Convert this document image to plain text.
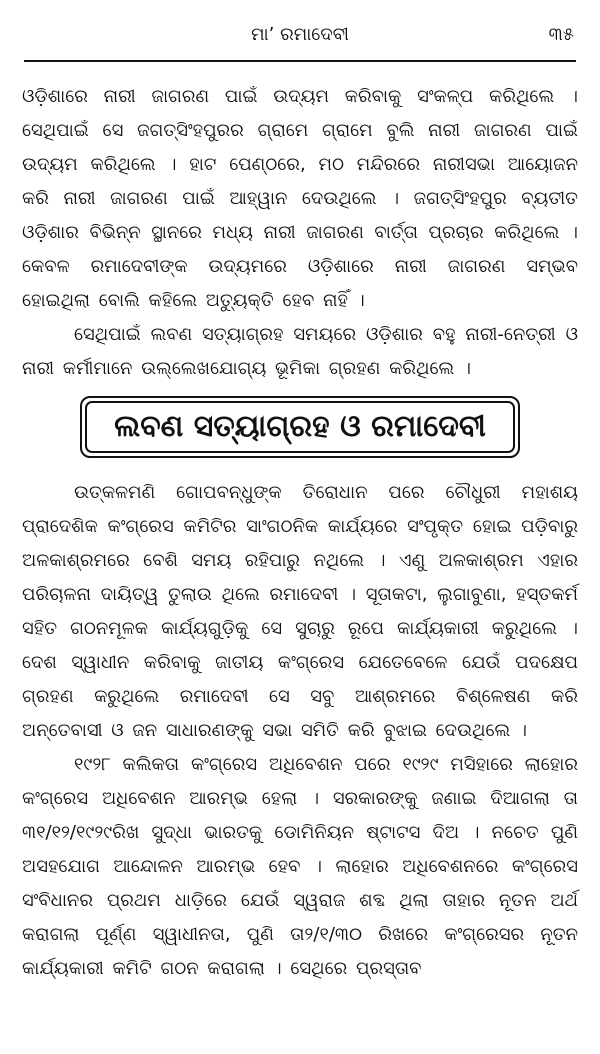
ମା’ ରମାଦେବୀ	୩୫

ଓଡ଼ିଶାରେ ନାରୀ ଜାଗରଣ ପାଇଁ ଉଦ୍ୟମ କରିବାକୁ ସଂକଳ୍ପ କରିଥିଲେ । ସେଥିପାଇଁ ସେ ଜଗତ୍‌ସିଂହପୁରର ଗ୍ରାମେ ଗ୍ରାମେ ବୁଲି ନାରୀ ଜାଗରଣ ପାଇଁ ଉଦ୍ୟମ କରିଥିଲେ । ହାଟ ପେଣ୍ଠରେ, ମଠ ମନ୍ଦିରରେ ନାରୀସଭା ଆୟୋଜନ କରି ନାରୀ ଜାଗରଣ ପାଇଁ ଆହ୍ୱାନ ଦେଉଥିଲେ । ଜଗତ୍‌ସିଂହପୁର ବ୍ୟତୀତ ଓଡ଼ିଶାର ବିଭିନ୍ନ ସ୍ଥାନରେ ମଧ୍ୟ ନାରୀ ଜାଗରଣ ବାର୍ତ୍ତା ପ୍ରଚାର କରିଥିଲେ । କେବଳ ରମାଦେବୀଙ୍କ ଉଦ୍ୟମରେ ଓଡ଼ିଶାରେ ନାରୀ ଜାଗରଣ ସମ୍ଭବ ହୋଇଥିଲା ବୋଲି କହିଲେ ଅତ୍ୟୁକ୍ତି ହେବ ନାହିଁ ।

ସେଥିପାଇଁ ଲବଣ ସତ୍ୟାଗ୍ରହ ସମୟରେ ଓଡ଼ିଶାର ବହୁ ନାରୀ-ନେତ୍ରୀ ଓ ନାରୀ କର୍ମୀମାନେ ଉଲ୍ଲେଖଯୋଗ୍ୟ ଭୂମିକା ଗ୍ରହଣ କରିଥିଲେ ।

ଲବଣ ସତ୍ୟାଗ୍ରହ ଓ ରମାଦେବୀ

ଉତ୍କଳମଣି ଗୋପବନ୍ଧୁଙ୍କ ତିରୋଧାନ ପରେ ଚୌଧୁରୀ ମହାଶୟ ପ୍ରାଦେଶିକ କଂଗ୍ରେସ କମିଟିର ସାଂଗଠନିକ କାର୍ଯ୍ୟରେ ସଂପୃକ୍ତ ହୋଇ ପଡ଼ିବାରୁ ଅଳକାଶ୍ରମରେ ବେଶି ସମୟ ରହିପାରୁ ନଥିଲେ । ଏଣୁ ଅଳକାଶ୍ରମ ଏହାର ପରିଚାଳନା ଦାୟିତ୍ୱ ତୁଲାଉ ଥିଲେ ରମାଦେବୀ । ସୂତାକଟା, ଲୁଗାବୁଣା, ହସ୍ତକର୍ମ ସହିତ ଗଠନମୂଳକ କାର୍ଯ୍ୟଗୁଡ଼ିକୁ ସେ ସୁଚାରୁ ରୂପେ କାର୍ଯ୍ୟକାରୀ କରୁଥିଲେ । ଦେଶ ସ୍ୱାଧୀନ କରିବାକୁ ଜାତୀୟ କଂଗ୍ରେସ ଯେତେବେଳେ ଯେଉଁ ପଦକ୍ଷେପ ଗ୍ରହଣ କରୁଥିଲେ ରମାଦେବୀ ସେ ସବୁ ଆଶ୍ରମରେ ବିଶ୍ଳେଷଣ କରି ଅନ୍ତେବାସୀ ଓ ଜନ ସାଧାରଣଙ୍କୁ ସଭା ସମିତି କରି ବୁଝାଇ ଦେଉଥିଲେ ।

୧୯୨୮ କଲିକତା କଂଗ୍ରେସ ଅଧିବେଶନ ପରେ ୧୯୨୯ ମସିହାରେ ଲାହୋର କଂଗ୍ରେସ ଅଧିବେଶନ ଆରମ୍ଭ ହେଲା । ସରକାରଙ୍କୁ ଜଣାଇ ଦିଆଗଲା ତା ୩୧/୧୨/୧୯୨୯ରିଖ ସୁଦ୍ଧା ଭାରତକୁ ଡୋମିନିୟନ ଷ୍ଟାଟସ ଦିଅ । ନଚେତ ପୁଣି ଅସହଯୋଗ ଆନ୍ଦୋଳନ ଆରମ୍ଭ ହେବ । ଲାହୋର ଅଧିବେଶନରେ କଂଗ୍ରେସ ସଂବିଧାନର ପ୍ରଥମ ଧାଡ଼ିରେ ଯେଉଁ ସ୍ୱରାଜ ଶବ୍ଦ ଥିଲା ତାହାର ନୂତନ ଅର୍ଥ କରାଗଲା ପୂର୍ଣ୍ଣ ସ୍ୱାଧୀନତା, ପୁଣି ତା୨/୧/୩୦ ରିଖରେ କଂଗ୍ରେସର ନୂତନ କାର୍ଯ୍ୟକାରୀ କମିଟି ଗଠନ କରାଗଲା । ସେଥିରେ ପ୍ରସ୍ତାବ
